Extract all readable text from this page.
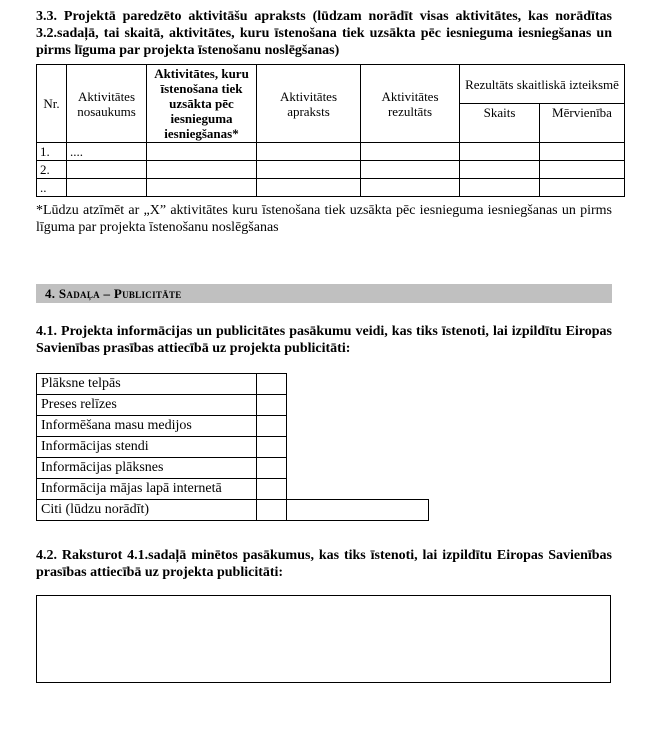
3.3. Projektā paredzēto aktivitāšu apraksts (lūdzam norādīt visas aktivitātes, kas norādītas 3.2.sadaļā, tai skaitā, aktivitātes, kuru īstenošana tiek uzsākta pēc iesnieguma iesniegšanas un pirms līguma par projekta īstenošanu noslēgšanas)

Nr.	Aktivitātes nosaukums	Aktivitātes, kuru īstenošana tiek uzsākta pēc iesnieguma iesniegšanas*	Aktivitātes apraksts	Aktivitātes rezultāts	Rezultāts skaitliskā izteiksmē	
					Skaits	Mērvienība
1.	....					
2.						
..						

*Lūdzu atzīmēt ar „X” aktivitātes kuru īstenošana tiek uzsākta pēc iesnieguma iesniegšanas un pirms līguma par projekta īstenošanu noslēgšanas

4. Sadaļa – Publicitāte

4.1. Projekta informācijas un publicitātes pasākumu veidi, kas tiks īstenoti, lai izpildītu Eiropas Savienības prasības attiecībā uz projekta publicitāti:

Plāksne telpās		
Preses relīzes		
Informēšana masu medijos		
Informācijas stendi		
Informācijas plāksnes		
Informācija mājas lapā internetā		
Citi (lūdzu norādīt)		

4.2. Raksturot 4.1.sadaļā minētos pasākumus, kas tiks īstenoti, lai izpildītu Eiropas Savienības prasības attiecībā uz projekta publicitāti:
